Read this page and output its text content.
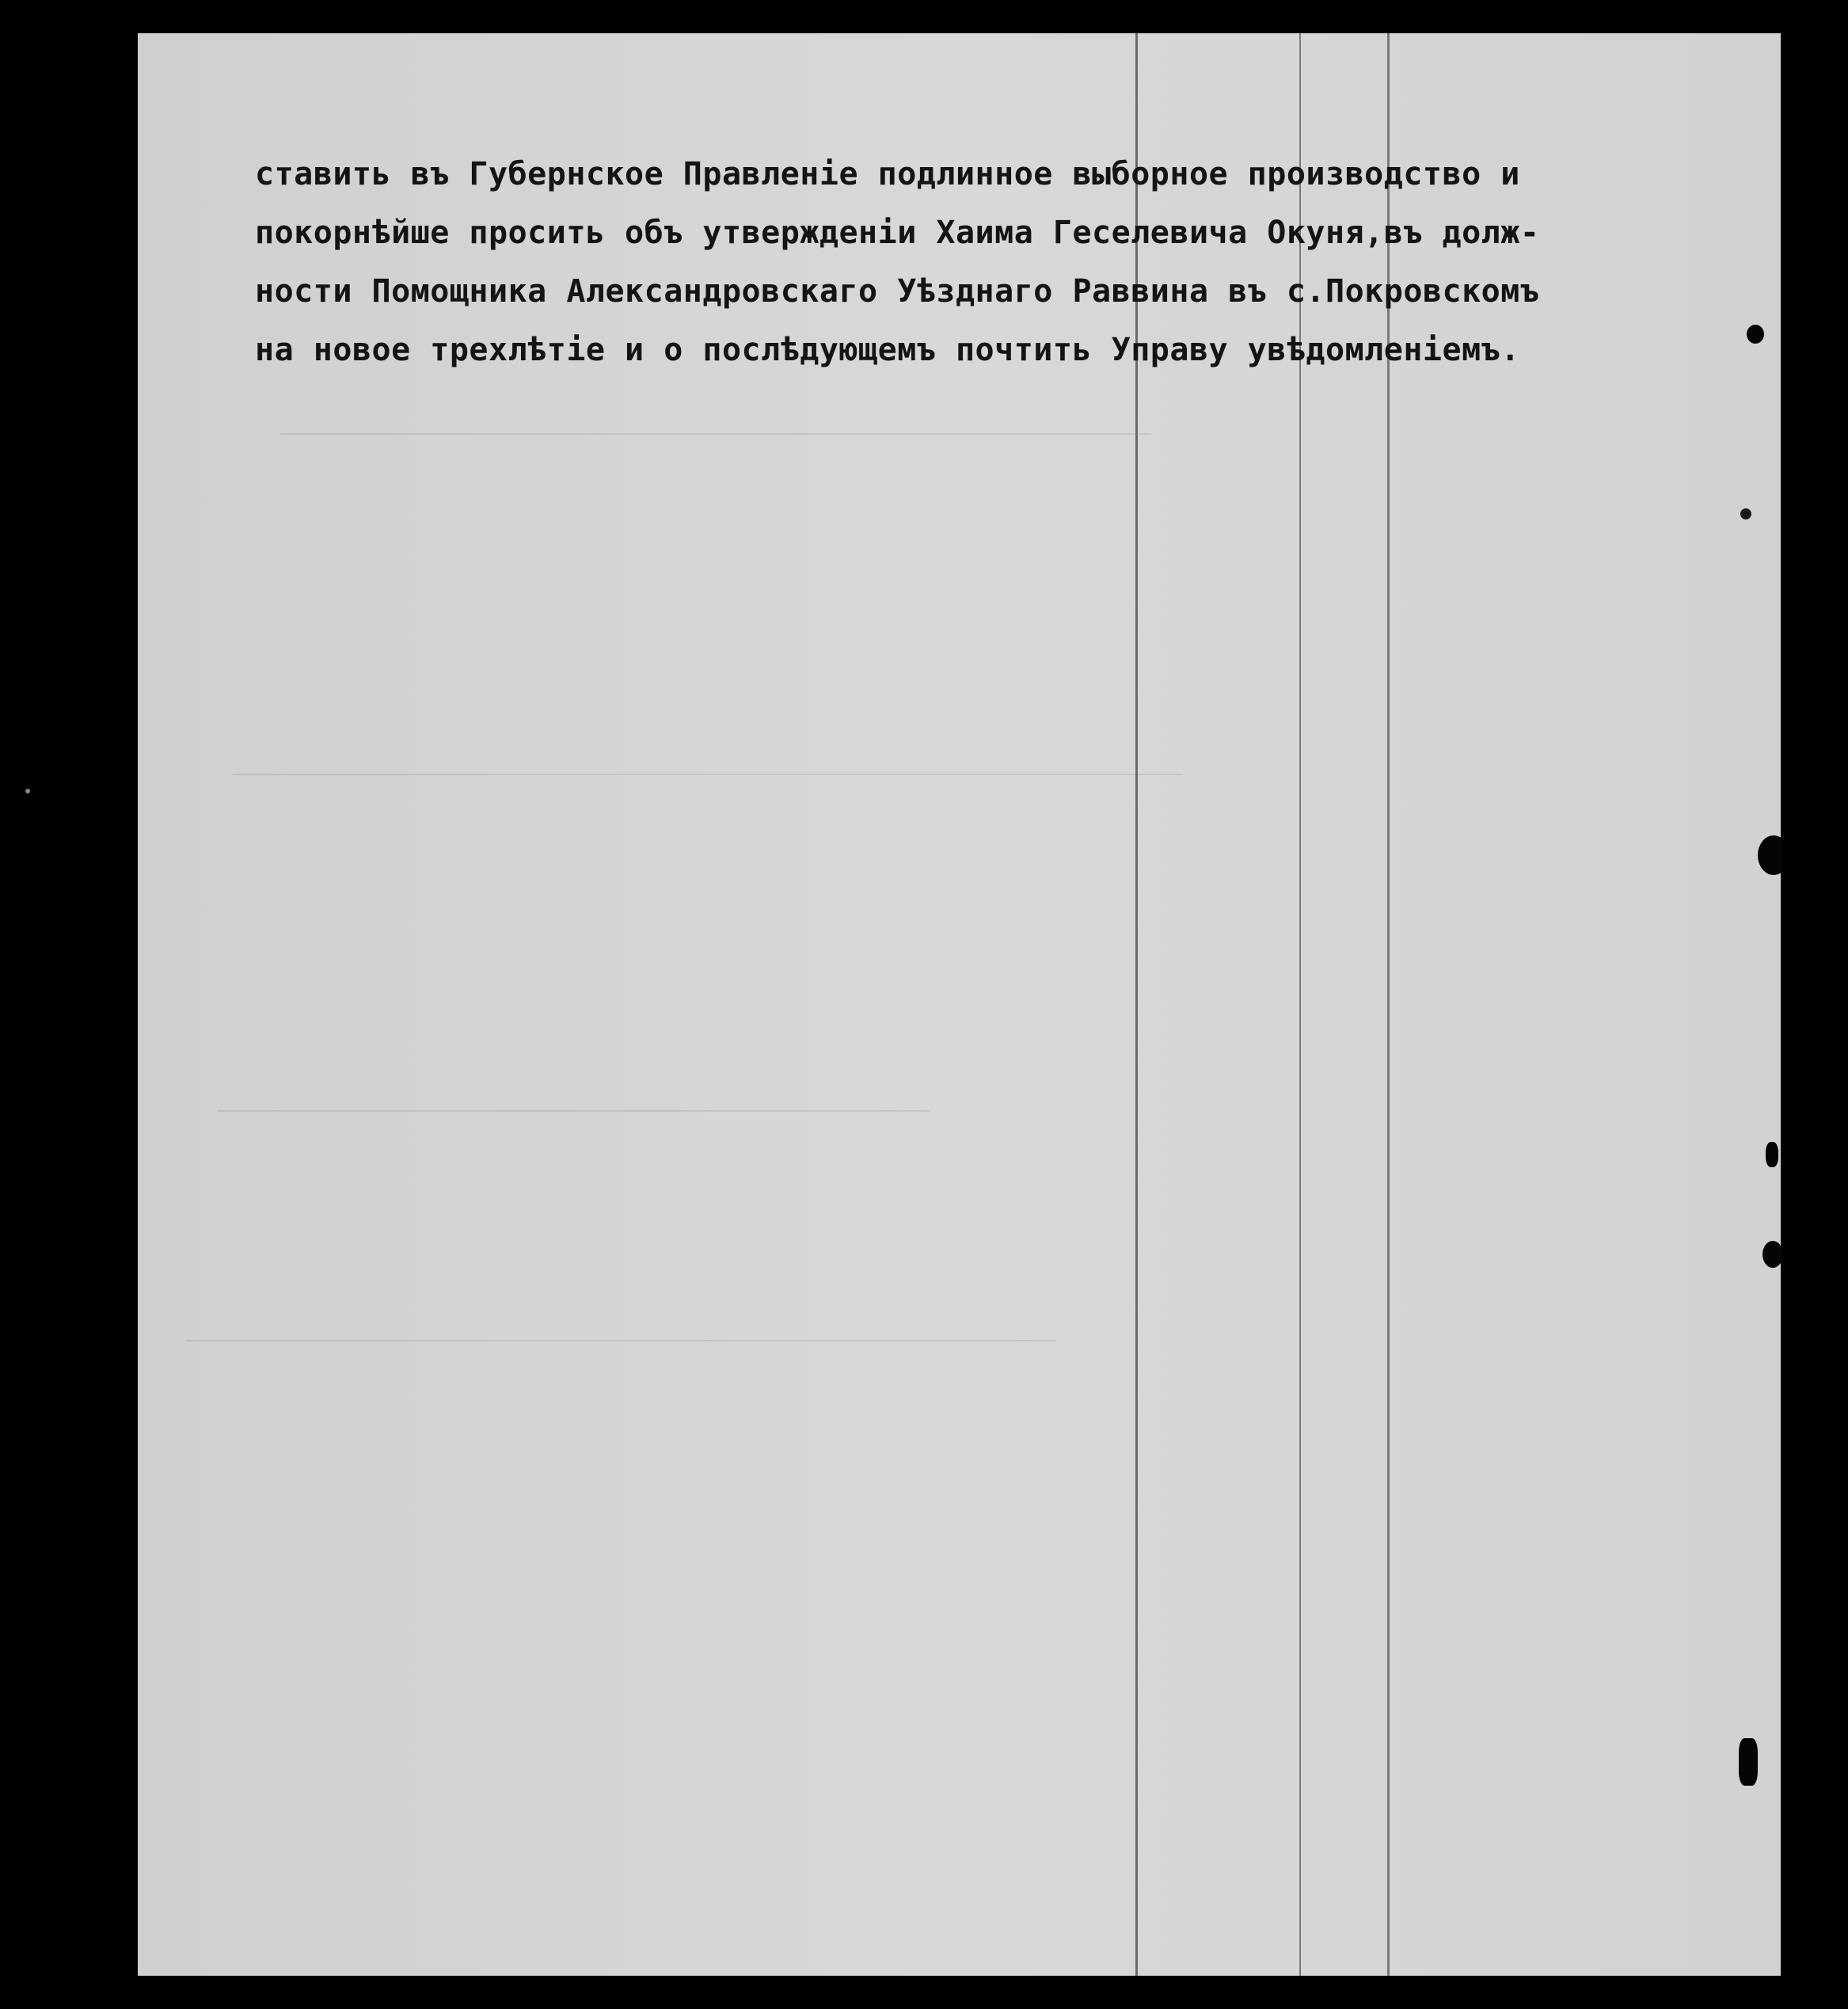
ставить въ Губернское Правленіе подлинное выборное производство и
покорнѣйше просить объ утвержденіи Хаима Геселевича Окуня,въ долж-
ности Помощника Александровскаго Уѣзднаго Раввина въ с.Покровскомъ
на новое трехлѣтіе и о послѣдующемъ почтить Управу увѣдомленіемъ.
